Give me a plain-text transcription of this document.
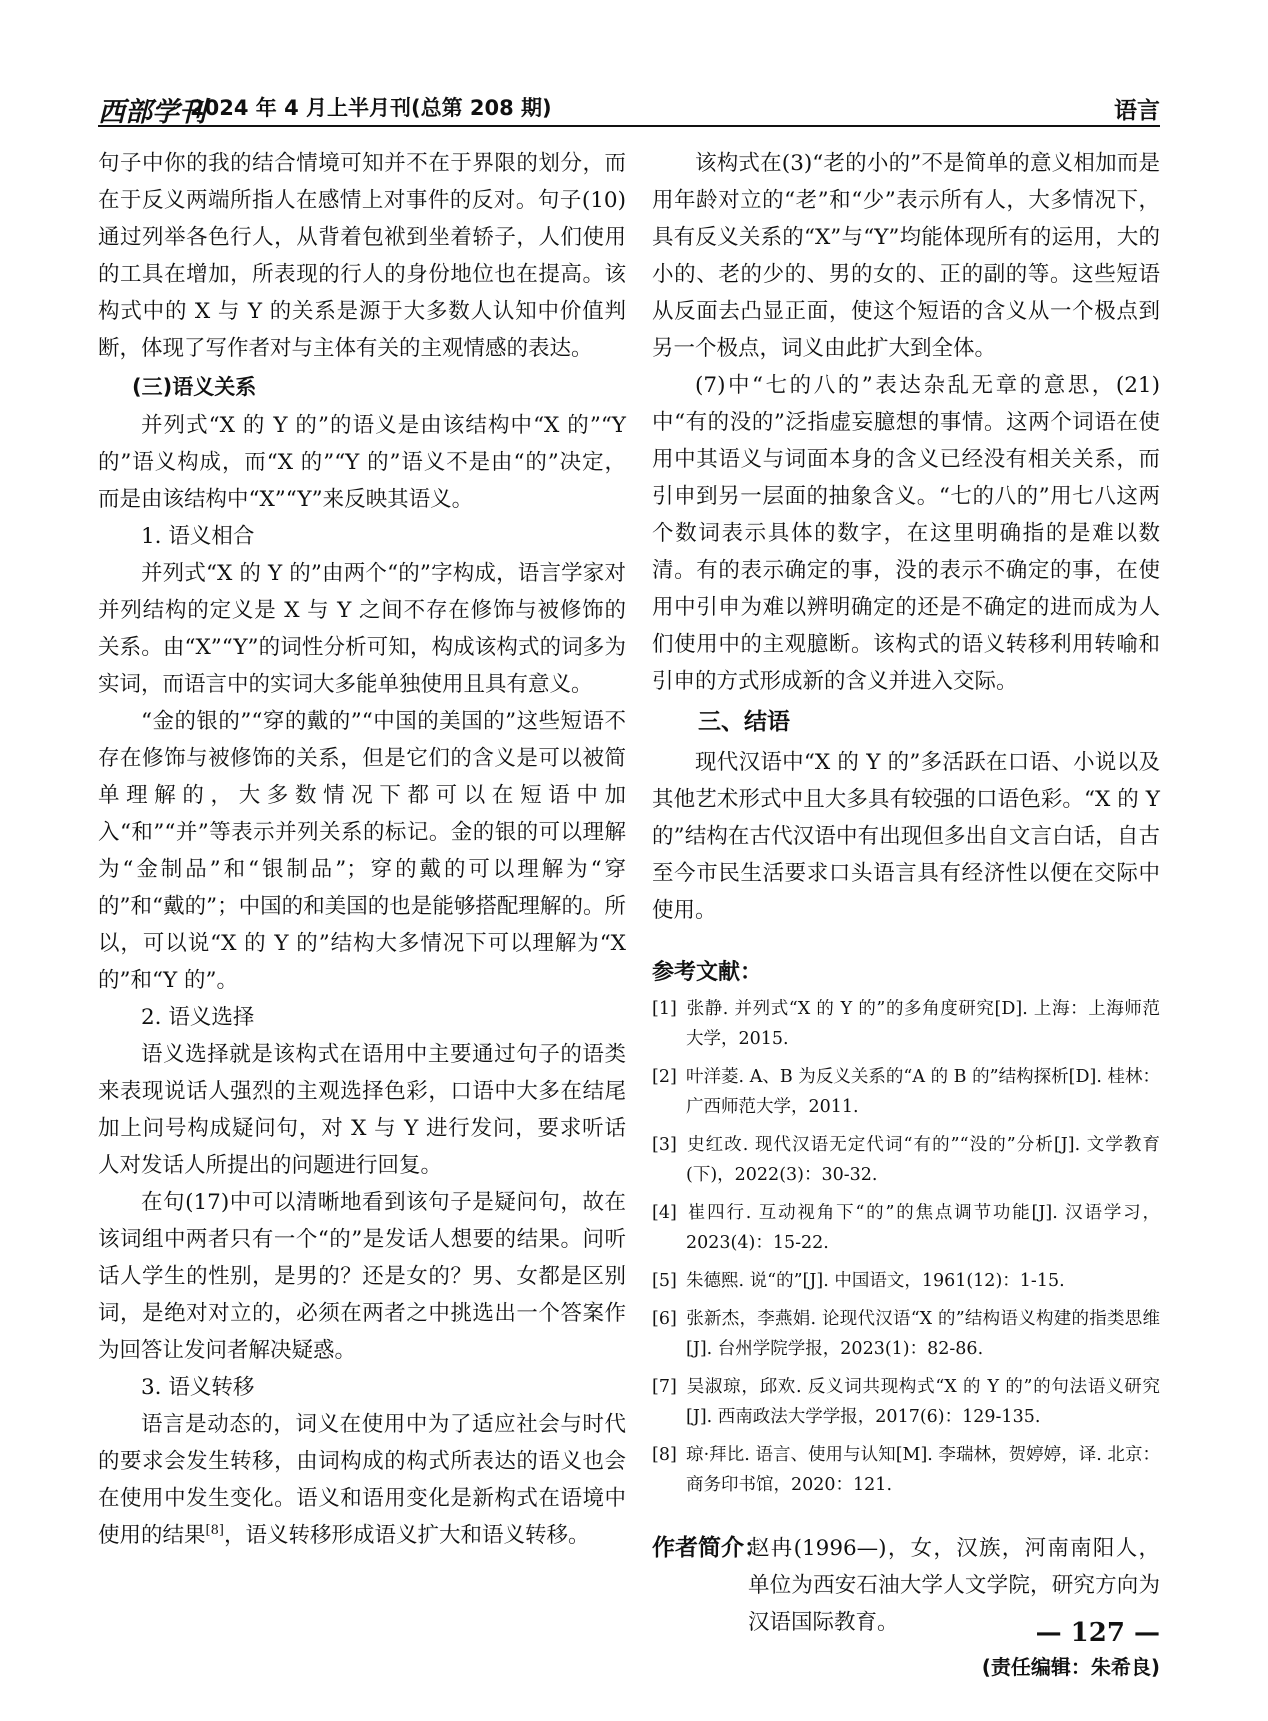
西部学刊
2024 年 4 月上半月刊(总第 208 期)	语言

句子中你的我的结合情境可知并不在于界限的划分，而在于反义两端所指人在感情上对事件的反对。句子(10)通过列举各色行人，从背着包袱到坐着轿子，人们使用的工具在增加，所表现的行人的身份地位也在提高。该构式中的 X 与 Y 的关系是源于大多数人认知中价值判断，体现了写作者对与主体有关的主观情感的表达。

(三)语义关系

并列式“X 的 Y 的”的语义是由该结构中“X 的”“Y 的”语义构成，而“X 的”“Y 的”语义不是由“的”决定，而是由该结构中“X”“Y”来反映其语义。

1. 语义相合

并列式“X 的 Y 的”由两个“的”字构成，语言学家对并列结构的定义是 X 与 Y 之间不存在修饰与被修饰的关系。由“X”“Y”的词性分析可知，构成该构式的词多为实词，而语言中的实词大多能单独使用且具有意义。

“金的银的”“穿的戴的”“中国的美国的”这些短语不存在修饰与被修饰的关系，但是它们的含义是可以被简单理解的，大多数情况下都可以在短语中加入“和”“并”等表示并列关系的标记。金的银的可以理解为“金制品”和“银制品”；穿的戴的可以理解为“穿的”和“戴的”；中国的和美国的也是能够搭配理解的。所以，可以说“X 的 Y 的”结构大多情况下可以理解为“X 的”和“Y 的”。

2. 语义选择

语义选择就是该构式在语用中主要通过句子的语类来表现说话人强烈的主观选择色彩，口语中大多在结尾加上问号构成疑问句，对 X 与 Y 进行发问，要求听话人对发话人所提出的问题进行回复。

在句(17)中可以清晰地看到该句子是疑问句，故在该词组中两者只有一个“的”是发话人想要的结果。问听话人学生的性别，是男的？还是女的？男、女都是区别词，是绝对对立的，必须在两者之中挑选出一个答案作为回答让发问者解决疑惑。

3. 语义转移

语言是动态的，词义在使用中为了适应社会与时代的要求会发生转移，由词构成的构式所表达的语义也会在使用中发生变化。语义和语用变化是新构式在语境中使用的结果[8]，语义转移形成语义扩大和语义转移。

该构式在(3)“老的小的”不是简单的意义相加而是用年龄对立的“老”和“少”表示所有人，大多情况下，具有反义关系的“X”与“Y”均能体现所有的运用，大的小的、老的少的、男的女的、正的副的等。这些短语从反面去凸显正面，使这个短语的含义从一个极点到另一个极点，词义由此扩大到全体。

(7)中“七的八的”表达杂乱无章的意思，(21)中“有的没的”泛指虚妄臆想的事情。这两个词语在使用中其语义与词面本身的含义已经没有相关关系，而引申到另一层面的抽象含义。“七的八的”用七八这两个数词表示具体的数字，在这里明确指的是难以数清。有的表示确定的事，没的表示不确定的事，在使用中引申为难以辨明确定的还是不确定的进而成为人们使用中的主观臆断。该构式的语义转移利用转喻和引申的方式形成新的含义并进入交际。

三、结语

现代汉语中“X 的 Y 的”多活跃在口语、小说以及其他艺术形式中且大多具有较强的口语色彩。“X 的 Y 的”结构在古代汉语中有出现但多出自文言白话，自古至今市民生活要求口头语言具有经济性以便在交际中使用。

参考文献：

[1] 张静. 并列式“X 的 Y 的”的多角度研究[D]. 上海：上海师范大学，2015.

[2] 叶洋菱. A、B 为反义关系的“A 的 B 的”结构探析[D]. 桂林：广西师范大学，2011.

[3] 史红改. 现代汉语无定代词“有的”“没的”分析[J]. 文学教育(下)，2022(3)：30-32.

[4] 崔四行. 互动视角下“的”的焦点调节功能[J]. 汉语学习，2023(4)：15-22.

[5] 朱德熙. 说“的”[J]. 中国语文，1961(12)：1-15.

[6] 张新杰，李燕娟. 论现代汉语“X 的”结构语义构建的指类思维[J]. 台州学院学报，2023(1)：82-86.

[7] 吴淑琼，邱欢. 反义词共现构式“X 的 Y 的”的句法语义研究[J]. 西南政法大学学报，2017(6)：129-135.

[8] 琼·拜比. 语言、使用与认知[M]. 李瑞林，贺婷婷，译. 北京：商务印书馆，2020：121.

作者简介：

赵冉(1996—)，女，汉族，河南南阳人，单位为西安石油大学人文学院，研究方向为汉语国际教育。

(责任编辑：朱希良)
— 127 —
